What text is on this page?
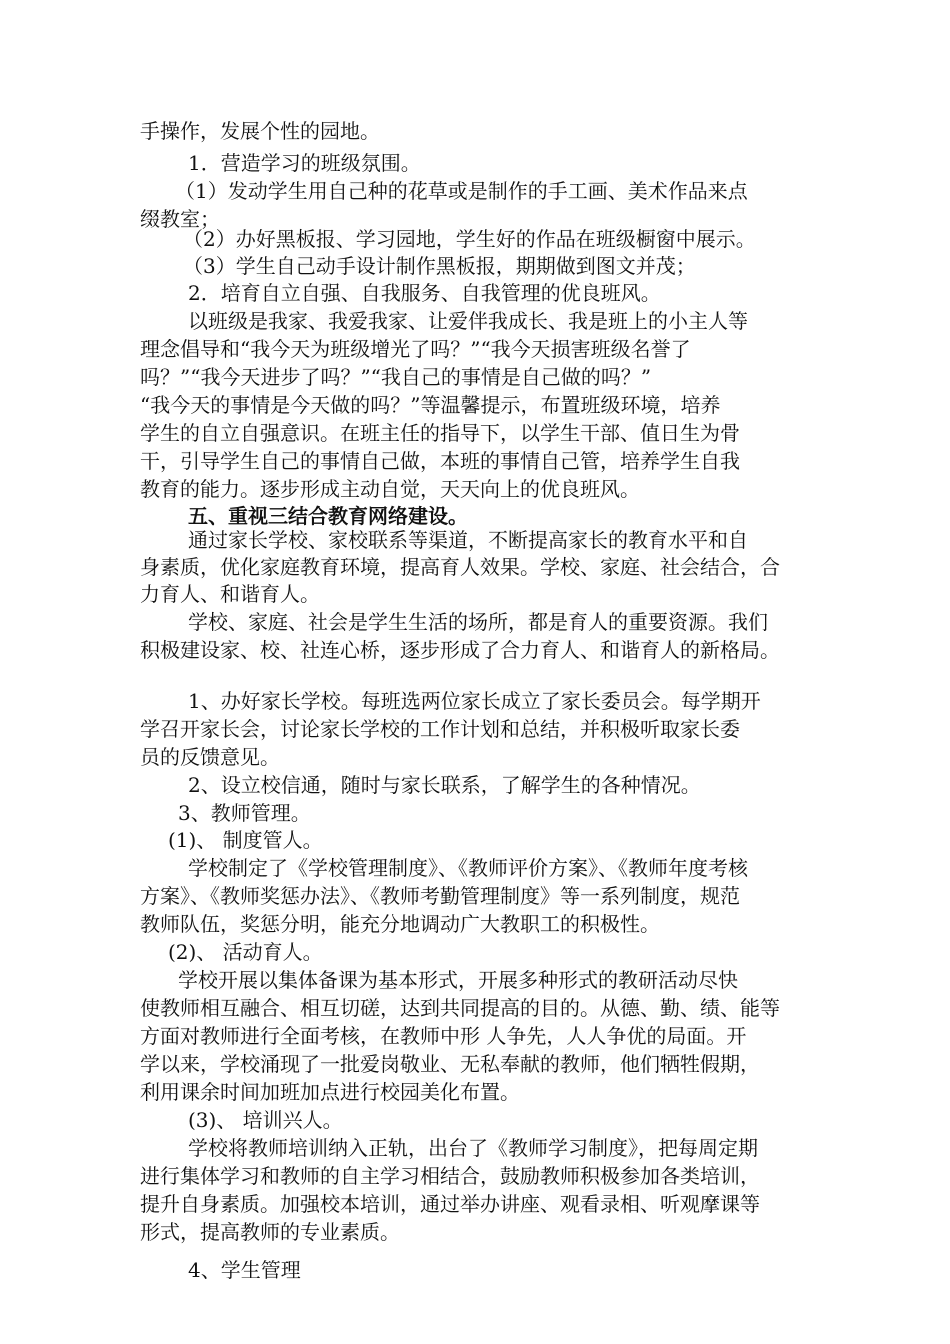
手操作，发展个性的园地。
1．营造学习的班级氛围。
（1）发动学生用自己种的花草或是制作的手工画、美术作品来点
缀教室；
（2）办好黑板报、学习园地，学生好的作品在班级橱窗中展示。
（3）学生自己动手设计制作黑板报，期期做到图文并茂；
2．培育自立自强、自我服务、自我管理的优良班风。
以班级是我家、我爱我家、让爱伴我成长、我是班上的小主人等
理念倡导和“我今天为班级增光了吗？”“我今天损害班级名誉了
吗？”“我今天进步了吗？”“我自己的事情是自己做的吗？”
“我今天的事情是今天做的吗？”等温馨提示，布置班级环境，培养
学生的自立自强意识。在班主任的指导下，以学生干部、值日生为骨
干，引导学生自己的事情自己做，本班的事情自己管，培养学生自我
教育的能力。逐步形成主动自觉，天天向上的优良班风。
五、重视三结合教育网络建设。
通过家长学校、家校联系等渠道，不断提高家长的教育水平和自
身素质，优化家庭教育环境，提高育人效果。学校、家庭、社会结合，合
力育人、和谐育人。
学校、家庭、社会是学生生活的场所，都是育人的重要资源。我们
积极建设家、校、社连心桥，逐步形成了合力育人、和谐育人的新格局。
1、办好家长学校。每班选两位家长成立了家长委员会。每学期开
学召开家长会，讨论家长学校的工作计划和总结，并积极听取家长委
员的反馈意见。
2、设立校信通，随时与家长联系，了解学生的各种情况。
3、教师管理。
(1)、 制度管人。
学校制定了《学校管理制度》、《教师评价方案》、《教师年度考核
方案》、《教师奖惩办法》、《教师考勤管理制度》等一系列制度，规范
教师队伍，奖惩分明，能充分地调动广大教职工的积极性。
(2)、 活动育人。
学校开展以集体备课为基本形式，开展多种形式的教研活动尽快
使教师相互融合、相互切磋，达到共同提高的目的。从德、勤、绩、能等
方面对教师进行全面考核，在教师中形 人争先，人人争优的局面。开
学以来，学校涌现了一批爱岗敬业、无私奉献的教师，他们牺牲假期，
利用课余时间加班加点进行校园美化布置。
(3)、 培训兴人。
学校将教师培训纳入正轨，出台了《教师学习制度》，把每周定期
进行集体学习和教师的自主学习相结合，鼓励教师积极参加各类培训，
提升自身素质。加强校本培训，通过举办讲座、观看录相、听观摩课等
形式，提高教师的专业素质。
4、学生管理
